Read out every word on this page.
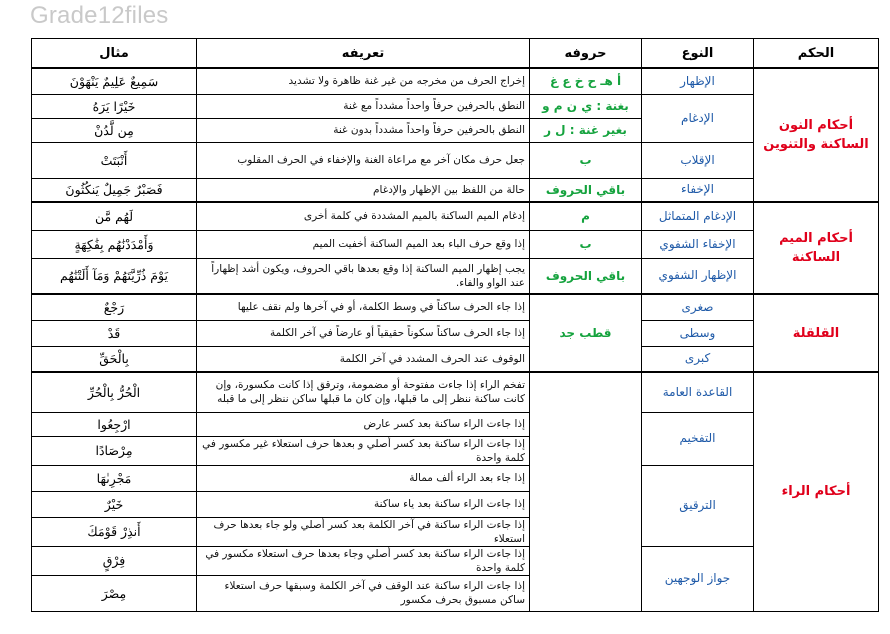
Grade12files
الحكم	النوع	حروفه	تعريفه	مثال
أحكام النون الساكنة والتنوين	الإظهار	أ هـ ح خ ع غ	إخراج الحرف من مخرجه من غير غنة ظاهرة ولا تشديد	سَمِيعٌ عَلِيمٌ يَنْهَوْنَ
	الإدغام	بغنة : ي ن م و	النطق بالحرفين حرفاً واحداً مشدداً مع غنة	خَيْرًا يَرَهُ
		بغير غنة : ل ر	النطق بالحرفين حرفاً واحداً مشدداً بدون غنة	مِن لَّدُنْ
	الإقلاب	ب	جعل حرف مكان آخر مع مراعاة الغنة والإخفاء في الحرف المقلوب	أَنْبَتَتْ
	الإخفاء	باقي الحروف	حالة من اللفظ بين الإظهار والإدغام	فَصَبْرٌ جَمِيلٌ يَنكُثُونَ
أحكام الميم الساكنة	الإدغام المتماثل	م	إدغام الميم الساكنة بالميم المشددة في كلمة أخرى	لَهُم مَّن
	الإخفاء الشفوي	ب	إذا وقع حرف الباء بعد الميم الساكنة أخفيت الميم	وَأَمْدَدْنَٰهُم بِفَٰكِهَةٍ
	الإظهار الشفوي	باقي الحروف	يجب إظهار الميم الساكنة إذا وقع بعدها باقي الحروف، ويكون أشد إظهاراً عند الواو والفاء.	يَوْمَ ذُرِّيَّتَهُمْ وَمَآ أَلَتْنَٰهُم
القلقلة	صغرى	قطب جد	إذا جاء الحرف ساكناً في وسط الكلمة، أو في آخرها ولم نقف عليها	رَجْعٌ
	وسطى		إذا جاء الحرف ساكناً سكوناً حقيقياً أو عارضاً في آخر الكلمة	قَدْ
	كبرى		الوقوف عند الحرف المشدد في آخر الكلمة	بِالْحَقِّ
أحكام الراء	القاعدة العامة		تفخم الراء إذا جاءت مفتوحة أو مضمومة، وترقق إذا كانت مكسورة، وإن كانت ساكنة ننظر إلى ما قبلها، وإن كان ما قبلها ساكن ننظر إلى ما قبله	الْحُرُّ بِالْحُرِّ
	التفخيم		إذا جاءت الراء ساكنة بعد كسر عارض	ارْجِعُوا
			إذا جاءت الراء ساكنة بعد كسر أصلي و بعدها حرف استعلاء غير مكسور في كلمة واحدة	مِرْصَادًا
	الترقيق		إذا جاء بعد الراء ألف ممالة	مَجْرِٮٰهَا
			إذا جاءت الراء ساكنة بعد ياء ساكنة	خَيْرٌ
			إذا جاءت الراء ساكنة في آخر الكلمة بعد كسر أصلي ولو جاء بعدها حرف استعلاء	أَنذِرْ قَوْمَكَ
	جواز الوجهين		إذا جاءت الراء ساكنة بعد كسر أصلي وجاء بعدها حرف استعلاء مكسور في كلمة واحدة	فِرْقٍ
			إذا جاءت الراء ساكنة عند الوقف في آخر الكلمة وسبقها حرف استعلاء ساكن مسبوق بحرف مكسور	مِصْرَ
